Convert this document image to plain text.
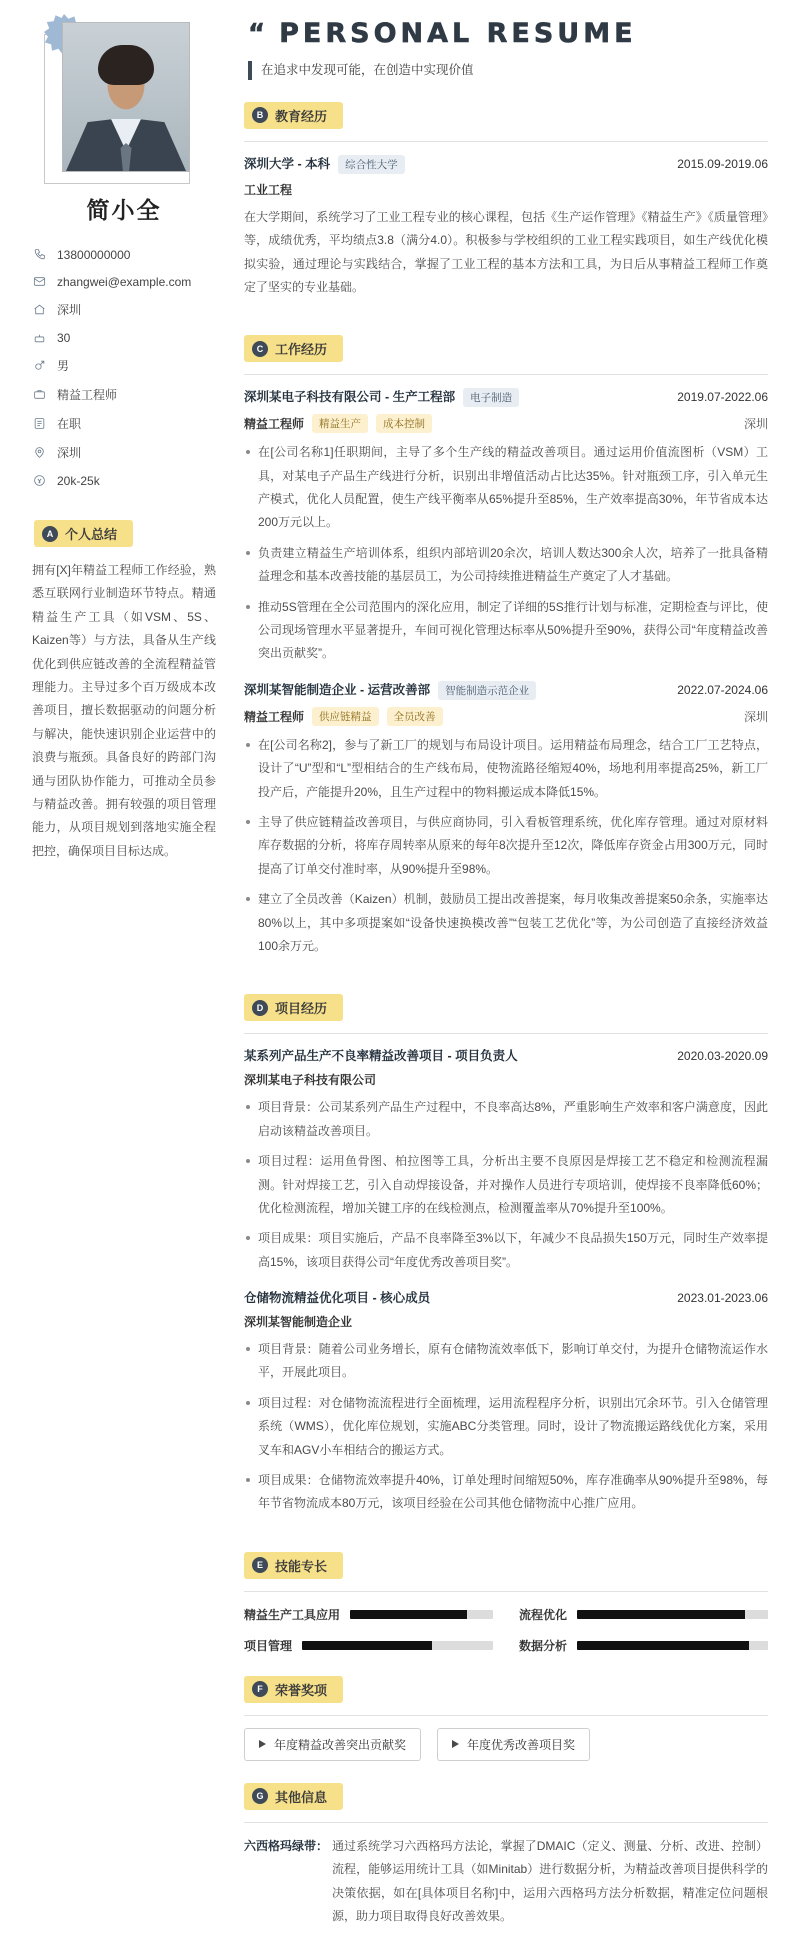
简小全
13800000000
zhangwei@example.com
深圳
30
男
精益工程师
在职
深圳
20k-25k
A 个人总结
拥有[X]年精益工程师工作经验，熟悉互联网行业制造环节特点。精通精益生产工具（如VSM、5S、Kaizen等）与方法，具备从生产线优化到供应链改善的全流程精益管理能力。主导过多个百万级成本改善项目，擅长数据驱动的问题分析与解决，能快速识别企业运营中的浪费与瓶颈。具备良好的跨部门沟通与团队协作能力，可推动全员参与精益改善。拥有较强的项目管理能力，从项目规划到落地实施全程把控，确保项目目标达成。
“ PERSONAL RESUME
在追求中发现可能，在创造中实现价值
B 教育经历
深圳大学 - 本科	综合性大学	2015.09-2019.06
工业工程
在大学期间，系统学习了工业工程专业的核心课程，包括《生产运作管理》《精益生产》《质量管理》等，成绩优秀，平均绩点3.8（满分4.0）。积极参与学校组织的工业工程实践项目，如生产线优化模拟实验，通过理论与实践结合，掌握了工业工程的基本方法和工具，为日后从事精益工程师工作奠定了坚实的专业基础。
C 工作经历
深圳某电子科技有限公司 - 生产工程部	电子制造	2019.07-2022.06
精益工程师	精益生产	成本控制	深圳
在[公司名称1]任职期间，主导了多个生产线的精益改善项目。通过运用价值流图析（VSM）工具，对某电子产品生产线进行分析，识别出非增值活动占比达35%。针对瓶颈工序，引入单元生产模式，优化人员配置，使生产线平衡率从65%提升至85%，生产效率提高30%，年节省成本达200万元以上。
负责建立精益生产培训体系，组织内部培训20余次，培训人数达300余人次，培养了一批具备精益理念和基本改善技能的基层员工，为公司持续推进精益生产奠定了人才基础。
推动5S管理在全公司范围内的深化应用，制定了详细的5S推行计划与标准，定期检查与评比，使公司现场管理水平显著提升，车间可视化管理达标率从50%提升至90%，获得公司“年度精益改善突出贡献奖”。
深圳某智能制造企业 - 运营改善部	智能制造示范企业	2022.07-2024.06
精益工程师	供应链精益	全员改善	深圳
在[公司名称2]，参与了新工厂的规划与布局设计项目。运用精益布局理念，结合工厂工艺特点，设计了“U”型和“L”型相结合的生产线布局，使物流路径缩短40%，场地利用率提高25%，新工厂投产后，产能提升20%，且生产过程中的物料搬运成本降低15%。
主导了供应链精益改善项目，与供应商协同，引入看板管理系统，优化库存管理。通过对原材料库存数据的分析，将库存周转率从原来的每年8次提升至12次，降低库存资金占用300万元，同时提高了订单交付准时率，从90%提升至98%。
建立了全员改善（Kaizen）机制，鼓励员工提出改善提案，每月收集改善提案50余条，实施率达80%以上，其中多项提案如“设备快速换模改善”“包装工艺优化”等，为公司创造了直接经济效益100余万元。
D 项目经历
某系列产品生产不良率精益改善项目 - 项目负责人	2020.03-2020.09
深圳某电子科技有限公司
项目背景：公司某系列产品生产过程中，不良率高达8%，严重影响生产效率和客户满意度，因此启动该精益改善项目。
项目过程：运用鱼骨图、柏拉图等工具，分析出主要不良原因是焊接工艺不稳定和检测流程漏测。针对焊接工艺，引入自动焊接设备，并对操作人员进行专项培训，使焊接不良率降低60%；优化检测流程，增加关键工序的在线检测点，检测覆盖率从70%提升至100%。
项目成果：项目实施后，产品不良率降至3%以下，年减少不良品损失150万元，同时生产效率提高15%，该项目获得公司“年度优秀改善项目奖”。
仓储物流精益优化项目 - 核心成员	2023.01-2023.06
深圳某智能制造企业
项目背景：随着公司业务增长，原有仓储物流效率低下，影响订单交付，为提升仓储物流运作水平，开展此项目。
项目过程：对仓储物流流程进行全面梳理，运用流程程序分析，识别出冗余环节。引入仓储管理系统（WMS），优化库位规划，实施ABC分类管理。同时，设计了物流搬运路线优化方案，采用叉车和AGV小车相结合的搬运方式。
项目成果：仓储物流效率提升40%，订单处理时间缩短50%，库存准确率从90%提升至98%，每年节省物流成本80万元，该项目经验在公司其他仓储物流中心推广应用。
E 技能专长
精益生产工具应用	流程优化
项目管理	数据分析
F 荣誉奖项
年度精益改善突出贡献奖	年度优秀改善项目奖
G 其他信息
六西格玛绿带： 通过系统学习六西格玛方法论，掌握了DMAIC（定义、测量、分析、改进、控制）流程，能够运用统计工具（如Minitab）进行数据分析，为精益改善项目提供科学的决策依据，如在[具体项目名称]中，运用六西格玛方法分析数据，精准定位问题根源，助力项目取得良好改善效果。
